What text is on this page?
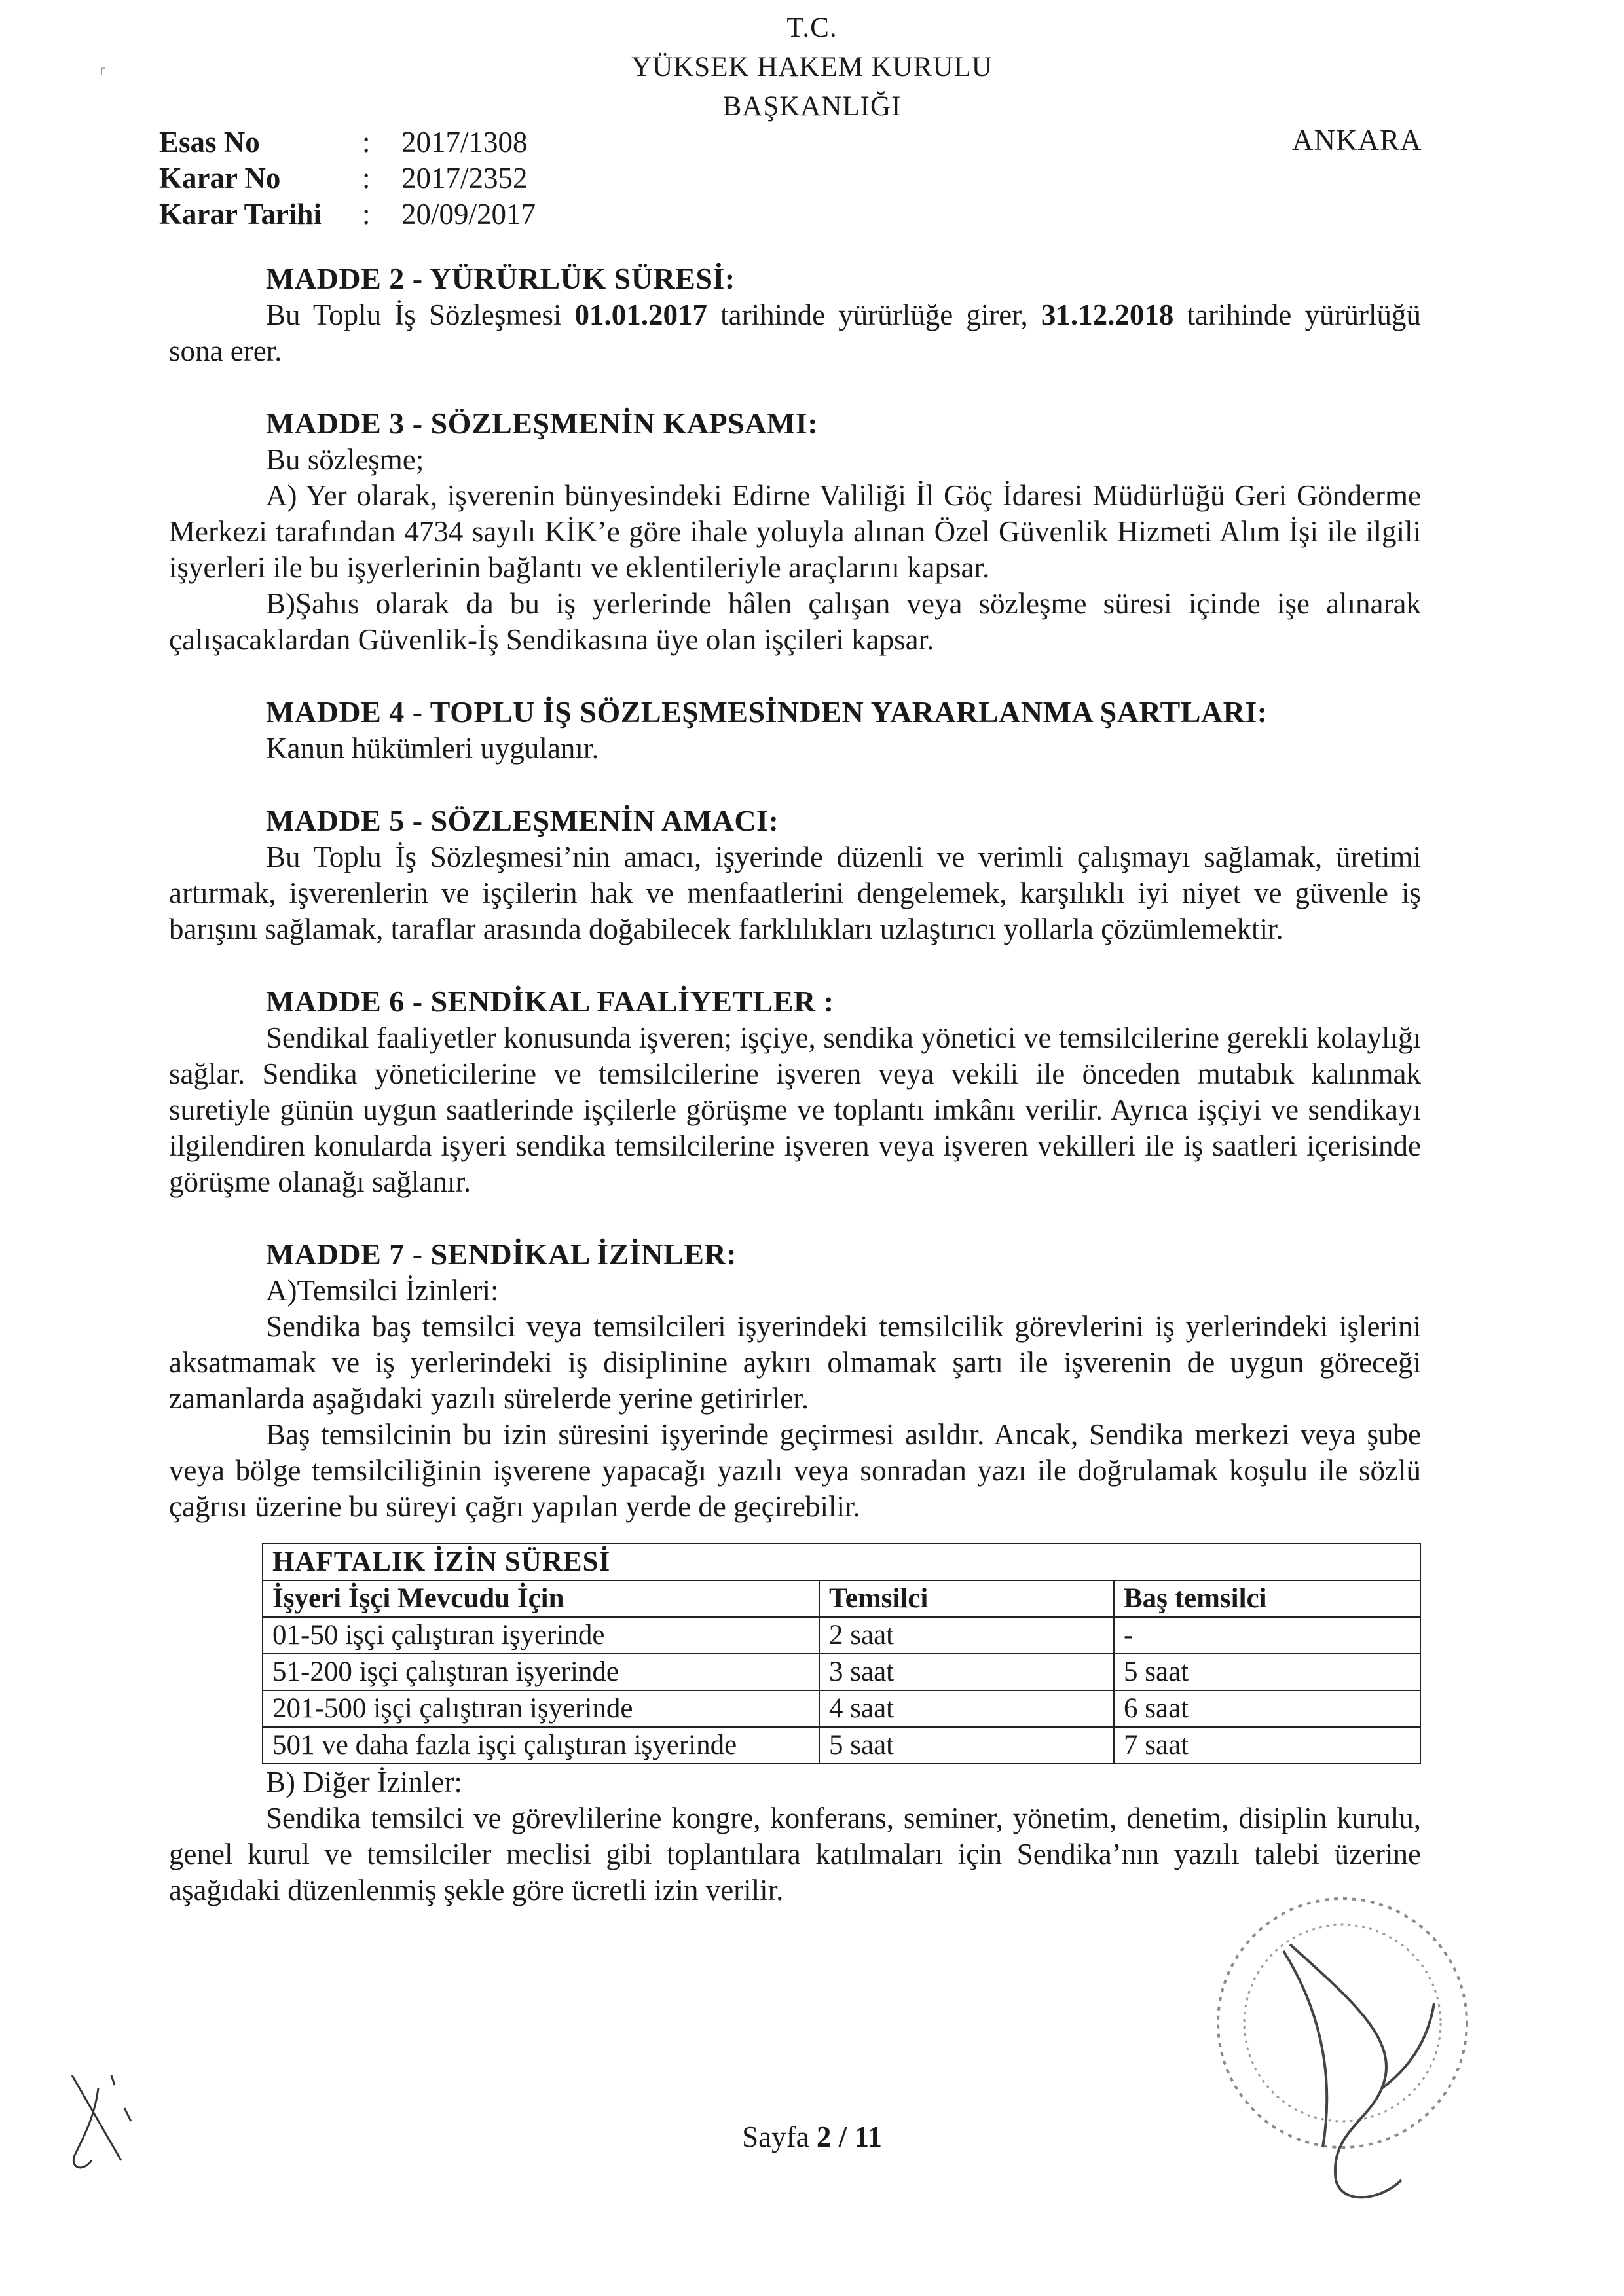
T.C.
YÜKSEK HAKEM KURULU
BAŞKANLIĞI
ANKARA
r
Esas No	:	2017/1308
Karar No	:	2017/2352
Karar Tarihi	:	20/09/2017
MADDE 2 - YÜRÜRLÜK SÜRESİ:

Bu Toplu İş Sözleşmesi 01.01.2017 tarihinde yürürlüğe girer, 31.12.2018 tarihinde yürürlüğü sona erer.

MADDE 3 - SÖZLEŞMENİN KAPSAMI:

Bu sözleşme;

A) Yer olarak, işverenin bünyesindeki Edirne Valiliği İl Göç İdaresi Müdürlüğü Geri Gönderme Merkezi tarafından 4734 sayılı KİK’e göre ihale yoluyla alınan Özel Güvenlik Hizmeti Alım İşi ile ilgili işyerleri ile bu işyerlerinin bağlantı ve eklentileriyle araçlarını kapsar.

B)Şahıs olarak da bu iş yerlerinde hâlen çalışan veya sözleşme süresi içinde işe alınarak çalışacaklardan Güvenlik-İş Sendikasına üye olan işçileri kapsar.

MADDE 4 - TOPLU İŞ SÖZLEŞMESİNDEN YARARLANMA ŞARTLARI:

Kanun hükümleri uygulanır.

MADDE 5 - SÖZLEŞMENİN AMACI:

Bu Toplu İş Sözleşmesi’nin amacı, işyerinde düzenli ve verimli çalışmayı sağlamak, üretimi artırmak, işverenlerin ve işçilerin hak ve menfaatlerini dengelemek, karşılıklı iyi niyet ve güvenle iş barışını sağlamak, taraflar arasında doğabilecek farklılıkları uzlaştırıcı yollarla çözümlemektir.

MADDE 6 - SENDİKAL FAALİYETLER :

Sendikal faaliyetler konusunda işveren; işçiye, sendika yönetici ve temsilcilerine gerekli kolaylığı sağlar. Sendika yöneticilerine ve temsilcilerine işveren veya vekili ile önceden mutabık kalınmak suretiyle günün uygun saatlerinde işçilerle görüşme ve toplantı imkânı verilir. Ayrıca işçiyi ve sendikayı ilgilendiren konularda işyeri sendika temsilcilerine işveren veya işveren vekilleri ile iş saatleri içerisinde görüşme olanağı sağlanır.

MADDE 7 - SENDİKAL İZİNLER:

A)Temsilci İzinleri:

Sendika baş temsilci veya temsilcileri işyerindeki temsilcilik görevlerini iş yerlerindeki işlerini aksatmamak ve iş yerlerindeki iş disiplinine aykırı olmamak şartı ile işverenin de uygun göreceği zamanlarda aşağıdaki yazılı sürelerde yerine getirirler.

Baş temsilcinin bu izin süresini işyerinde geçirmesi asıldır. Ancak, Sendika merkezi veya şube veya bölge temsilciliğinin işverene yapacağı yazılı veya sonradan yazı ile doğrulamak koşulu ile sözlü çağrısı üzerine bu süreyi çağrı yapılan yerde de geçirebilir.

HAFTALIK İZİN SÜRESİ		
İşyeri İşçi Mevcudu İçin	Temsilci	Baş temsilci
01-50 işçi çalıştıran işyerinde	2 saat	-
51-200 işçi çalıştıran işyerinde	3 saat	5 saat
201-500 işçi çalıştıran işyerinde	4 saat	6 saat
501 ve daha fazla işçi çalıştıran işyerinde	5 saat	7 saat

B) Diğer İzinler:

Sendika temsilci ve görevlilerine kongre, konferans, seminer, yönetim, denetim, disiplin kurulu, genel kurul ve temsilciler meclisi gibi toplantılara katılmaları için Sendika’nın yazılı talebi üzerine aşağıdaki düzenlenmiş şekle göre ücretli izin verilir.

Sayfa 2 / 11
